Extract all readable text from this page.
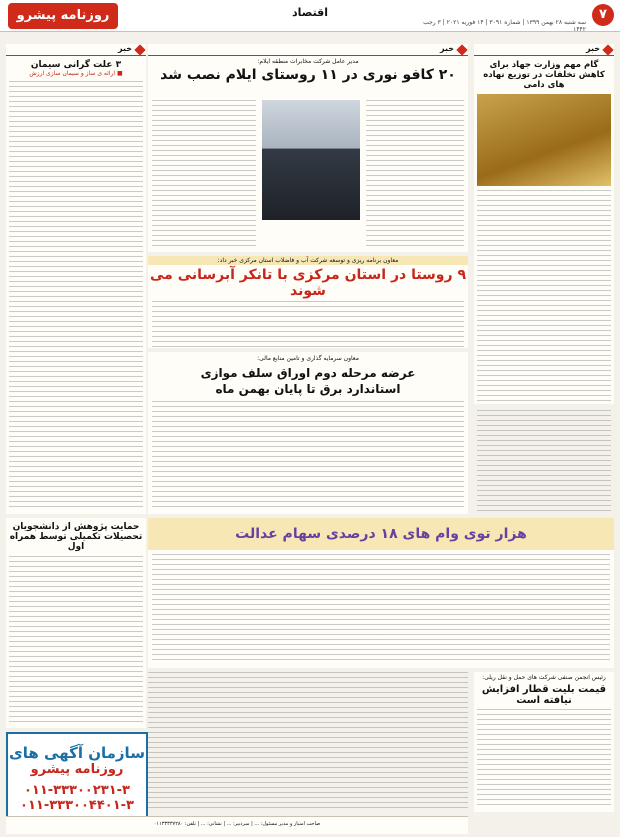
۷
اقتصاد
روزنامه پیشرو	سه شنبه ۲۸ بهمن ۱۳۹۹ | شماره ۳۰۹۱ | ۱۴ فوریه ۲۰۲۱ | ۳ رجب ۱۴۴۲
خبر
گام مهم وزارت جهاد برای کاهش تخلفات در توزیع نهاده های دامی
خبر
مدیر عامل شرکت مخابرات منطقه ایلام:
۲۰ کافو نوری در ۱۱ روستای ایلام نصب شد
خبر
۳ علت گرانی سیمان
■ ارائه ی ساز و سیمان سازی ارزش
معاون برنامه ریزی و توسعه شرکت آب و فاضلاب استان مرکزی خبر داد:
۹ روستا در استان مرکزی با تانکر آبرسانی می شوند
معاون سرمایه گذاری و تامین منابع مالی:
عرضه مرحله دوم اوراق سلف موازی استاندارد برق تا پایان بهمن ماه
حمایت پژوهش از دانشجویان تحصیلات تکمیلی توسط همراه اول
هزار توی وام های ۱۸ درصدی سهام عدالت
رئیس انجمن صنفی شرکت های حمل و نقل ریلی:
قیمت بلیت قطار افزایش نیافته است
سازمان آگهی های
روزنامه پیشرو
۰۱۱-۳۳۳۰۰۲۳۱-۳
۰۱۱-۳۳۳۰۰۴۴۰۱-۳
صاحب امتیاز و مدیر مسئول: ... | سردبیر: ... | نشانی: ... | تلفن: ۰۱۱۳۳۳۳۷۲۸۰
